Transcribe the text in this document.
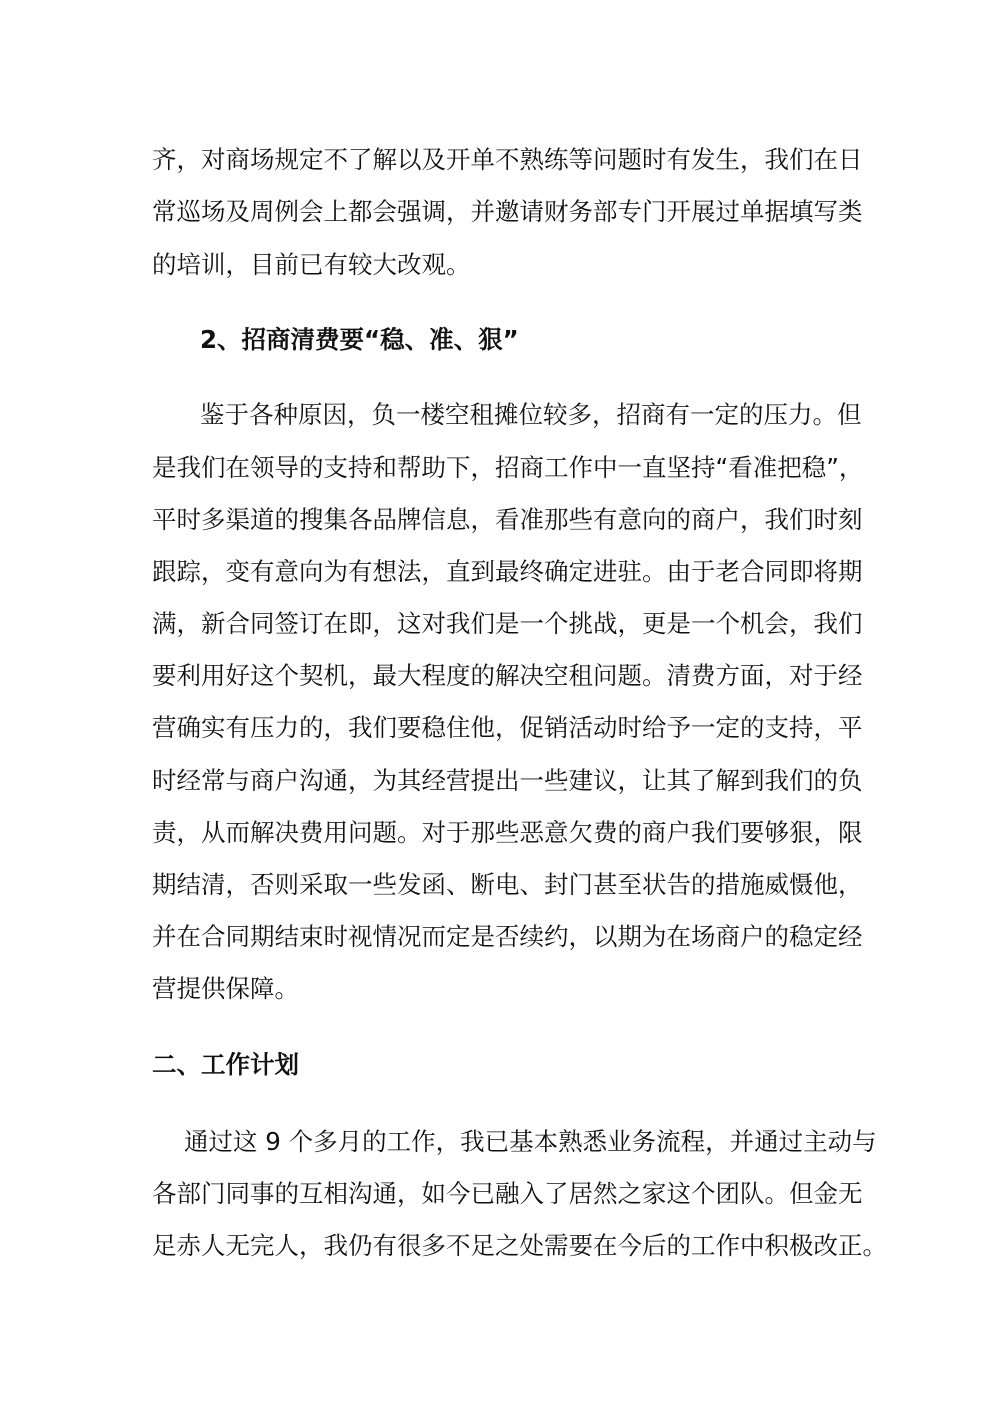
齐，对商场规定不了解以及开单不熟练等问题时有发生，我们在日
常巡场及周例会上都会强调，并邀请财务部专门开展过单据填写类
的培训，目前已有较大改观。
2、招商清费要“稳、准、狠”
鉴于各种原因，负一楼空租摊位较多，招商有一定的压力。但
是我们在领导的支持和帮助下，招商工作中一直坚持“看准把稳”，
平时多渠道的搜集各品牌信息，看准那些有意向的商户，我们时刻
跟踪，变有意向为有想法，直到最终确定进驻。由于老合同即将期
满，新合同签订在即，这对我们是一个挑战，更是一个机会，我们
要利用好这个契机，最大程度的解决空租问题。清费方面，对于经
营确实有压力的，我们要稳住他，促销活动时给予一定的支持，平
时经常与商户沟通，为其经营提出一些建议，让其了解到我们的负
责，从而解决费用问题。对于那些恶意欠费的商户我们要够狠，限
期结清，否则采取一些发函、断电、封门甚至状告的措施威慑他，
并在合同期结束时视情况而定是否续约，以期为在场商户的稳定经
营提供保障。
二、工作计划
通过这 9 个多月的工作，我已基本熟悉业务流程，并通过主动与
各部门同事的互相沟通，如今已融入了居然之家这个团队。但金无
足赤人无完人，我仍有很多不足之处需要在今后的工作中积极改正。
